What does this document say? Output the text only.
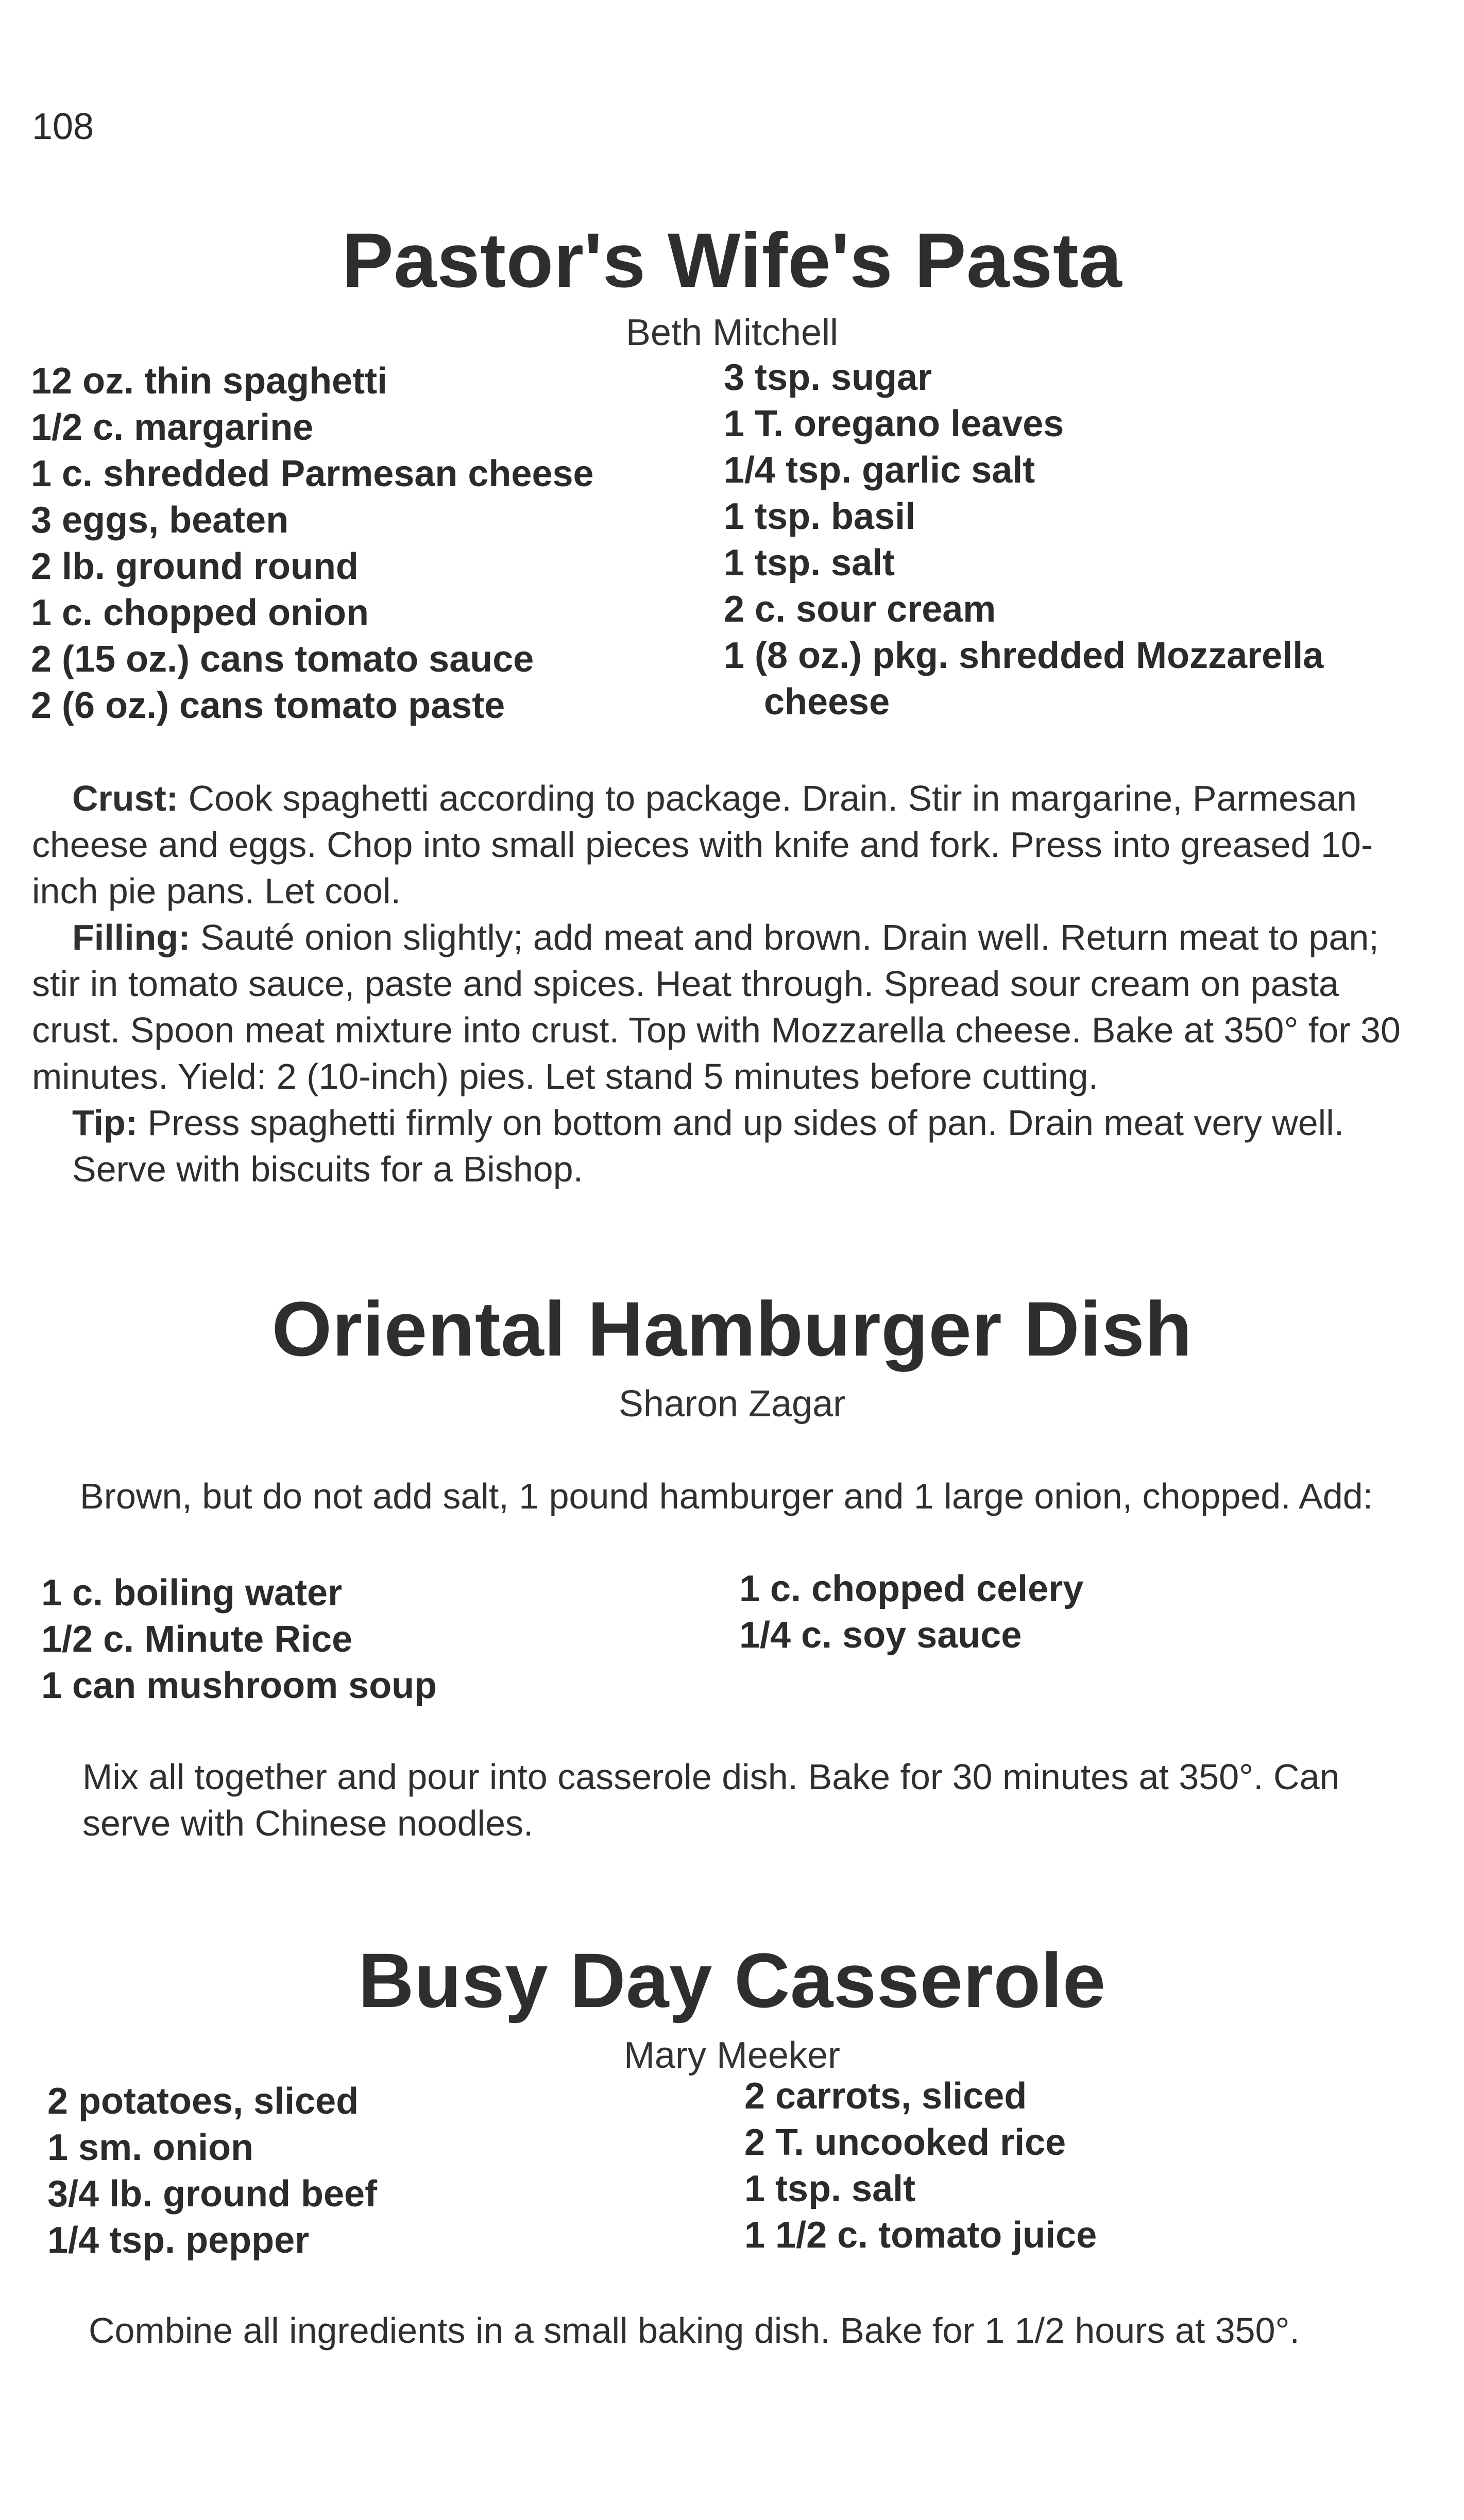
108
Pastor's Wife's Pasta
Beth Mitchell
12 oz. thin spaghetti
1/2 c. margarine
1 c. shredded Parmesan cheese
3 eggs, beaten
2 lb. ground round
1 c. chopped onion
2 (15 oz.) cans tomato sauce
2 (6 oz.) cans tomato paste
3 tsp. sugar
1 T. oregano leaves
1/4 tsp. garlic salt
1 tsp. basil
1 tsp. salt
2 c. sour cream
1 (8 oz.) pkg. shredded Mozzarella
cheese

Crust: Cook spaghetti according to package. Drain. Stir in margarine, Parmesan cheese and eggs. Chop into small pieces with knife and fork. Press into greased 10-inch pie pans. Let cool.

Filling: Sauté onion slightly; add meat and brown. Drain well. Return meat to pan; stir in tomato sauce, paste and spices. Heat through. Spread sour cream on pasta crust. Spoon meat mixture into crust. Top with Mozzarella cheese. Bake at 350° for 30 minutes. Yield: 2 (10-inch) pies. Let stand 5 minutes before cutting.

Tip: Press spaghetti firmly on bottom and up sides of pan. Drain meat very well. Serve with biscuits for a Bishop.

Oriental Hamburger Dish
Sharon Zagar

Brown, but do not add salt, 1 pound hamburger and 1 large onion, chopped. Add:

1 c. boiling water
1/2 c. Minute Rice
1 can mushroom soup
1 c. chopped celery
1/4 c. soy sauce

Mix all together and pour into casserole dish. Bake for 30 minutes at 350°. Can serve with Chinese noodles.

Busy Day Casserole
Mary Meeker
2 potatoes, sliced
1 sm. onion
3/4 lb. ground beef
1/4 tsp. pepper
2 carrots, sliced
2 T. uncooked rice
1 tsp. salt
1 1/2 c. tomato juice

Combine all ingredients in a small baking dish. Bake for 1 1/2 hours at 350°.
